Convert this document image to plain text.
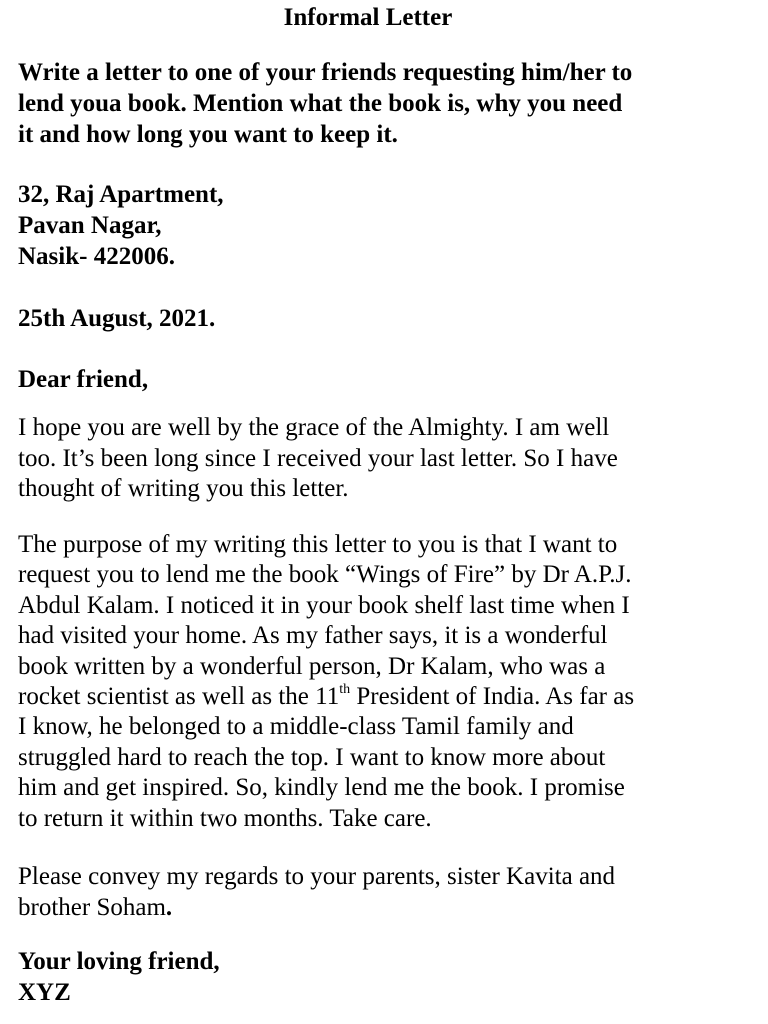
Informal Letter
Write a letter to one of your friends requesting him/her to
lend youa book. Mention what the book is, why you need
it and how long you want to keep it.
32, Raj Apartment,
Pavan Nagar,
Nasik- 422006.
25th August, 2021.
Dear friend,
I hope you are well by the grace of the Almighty. I am well
too. It’s been long since I received your last letter. So I have
thought of writing you this letter.
The purpose of my writing this letter to you is that I want to
request you to lend me the book “Wings of Fire” by Dr A.P.J.
Abdul Kalam. I noticed it in your book shelf last time when I
had visited your home. As my father says, it is a wonderful
book written by a wonderful person, Dr Kalam, who was a
rocket scientist as well as the 11th President of India. As far as
I know, he belonged to a middle-class Tamil family and
struggled hard to reach the top. I want to know more about
him and get inspired. So, kindly lend me the book. I promise
to return it within two months. Take care.
Please convey my regards to your parents, sister Kavita and
brother Soham.
Your loving friend,
XYZ
